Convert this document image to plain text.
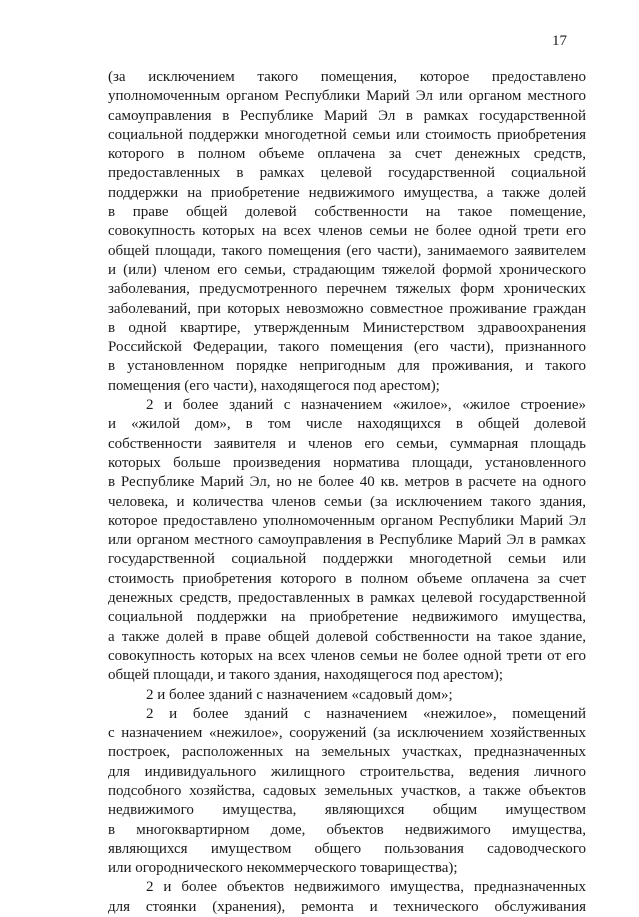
17
(за исключением такого помещения, которое предоставлено
уполномоченным органом Республики Марий Эл или органом местного
самоуправления в Республике Марий Эл в рамках государственной
социальной поддержки многодетной семьи или стоимость приобретения
которого в полном объеме оплачена за счет денежных средств,
предоставленных в рамках целевой государственной социальной
поддержки на приобретение недвижимого имущества, а также долей
в праве общей долевой собственности на такое помещение,
совокупность которых на всех членов семьи не более одной трети его
общей площади, такого помещения (его части), занимаемого заявителем
и (или) членом его семьи, страдающим тяжелой формой хронического
заболевания, предусмотренного перечнем тяжелых форм хронических
заболеваний, при которых невозможно совместное проживание граждан
в одной квартире, утвержденным Министерством здравоохранения
Российской Федерации, такого помещения (его части), признанного
в установленном порядке непригодным для проживания, и такого
помещения (его части), находящегося под арестом);
2 и более зданий с назначением «жилое», «жилое строение»
и «жилой дом», в том числе находящихся в общей долевой
собственности заявителя и членов его семьи, суммарная площадь
которых больше произведения норматива площади, установленного
в Республике Марий Эл, но не более 40 кв. метров в расчете на одного
человека, и количества членов семьи (за исключением такого здания,
которое предоставлено уполномоченным органом Республики Марий Эл
или органом местного самоуправления в Республике Марий Эл в рамках
государственной социальной поддержки многодетной семьи или
стоимость приобретения которого в полном объеме оплачена за счет
денежных средств, предоставленных в рамках целевой государственной
социальной поддержки на приобретение недвижимого имущества,
а также долей в праве общей долевой собственности на такое здание,
совокупность которых на всех членов семьи не более одной трети от его
общей площади, и такого здания, находящегося под арестом);
2 и более зданий с назначением «садовый дом»;
2 и более зданий с назначением «нежилое», помещений
с назначением «нежилое», сооружений (за исключением хозяйственных
построек, расположенных на земельных участках, предназначенных
для индивидуального жилищного строительства, ведения личного
подсобного хозяйства, садовых земельных участков, а также объектов
недвижимого имущества, являющихся общим имуществом
в многоквартирном доме, объектов недвижимого имущества,
являющихся имуществом общего пользования садоводческого
или огороднического некоммерческого товарищества);
2 и более объектов недвижимого имущества, предназначенных
для стоянки (хранения), ремонта и технического обслуживания
